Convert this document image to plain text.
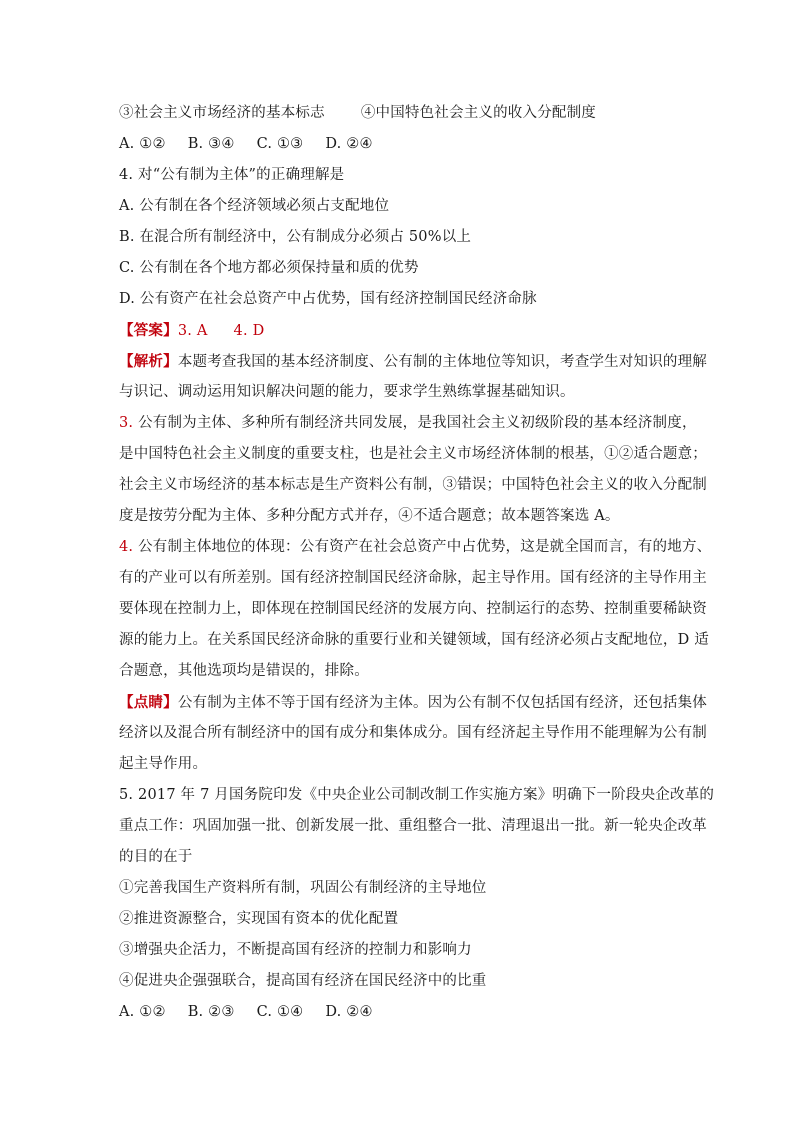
③社会主义市场经济的基本标志 ④中国特色社会主义的收入分配制度
A. ①② B. ③④ C. ①③ D. ②④
4. 对“公有制为主体”的正确理解是
A. 公有制在各个经济领域必须占支配地位
B. 在混合所有制经济中，公有制成分必须占 50%以上
C. 公有制在各个地方都必须保持量和质的优势
D. 公有资产在社会总资产中占优势，国有经济控制国民经济命脉
【答案】3. A 4. D
【解析】本题考查我国的基本经济制度、公有制的主体地位等知识，考查学生对知识的理解
与识记、调动运用知识解决问题的能力，要求学生熟练掌握基础知识。
3. 公有制为主体、多种所有制经济共同发展，是我国社会主义初级阶段的基本经济制度，
是中国特色社会主义制度的重要支柱，也是社会主义市场经济体制的根基，①②适合题意；
社会主义市场经济的基本标志是生产资料公有制，③错误；中国特色社会主义的收入分配制
度是按劳分配为主体、多种分配方式并存，④不适合题意；故本题答案选 A。
4. 公有制主体地位的体现：公有资产在社会总资产中占优势，这是就全国而言，有的地方、
有的产业可以有所差别。国有经济控制国民经济命脉，起主导作用。国有经济的主导作用主
要体现在控制力上，即体现在控制国民经济的发展方向、控制运行的态势、控制重要稀缺资
源的能力上。在关系国民经济命脉的重要行业和关键领域，国有经济必须占支配地位，D 适
合题意，其他选项均是错误的，排除。
【点睛】公有制为主体不等于国有经济为主体。因为公有制不仅包括国有经济，还包括集体
经济以及混合所有制经济中的国有成分和集体成分。国有经济起主导作用不能理解为公有制
起主导作用。
5. 2017 年 7 月国务院印发《中央企业公司制改制工作实施方案》明确下一阶段央企改革的
重点工作：巩固加强一批、创新发展一批、重组整合一批、清理退出一批。新一轮央企改革
的目的在于
①完善我国生产资料所有制，巩固公有制经济的主导地位
②推进资源整合，实现国有资本的优化配置
③增强央企活力，不断提高国有经济的控制力和影响力
④促进央企强强联合，提高国有经济在国民经济中的比重
A. ①② B. ②③ C. ①④ D. ②④
